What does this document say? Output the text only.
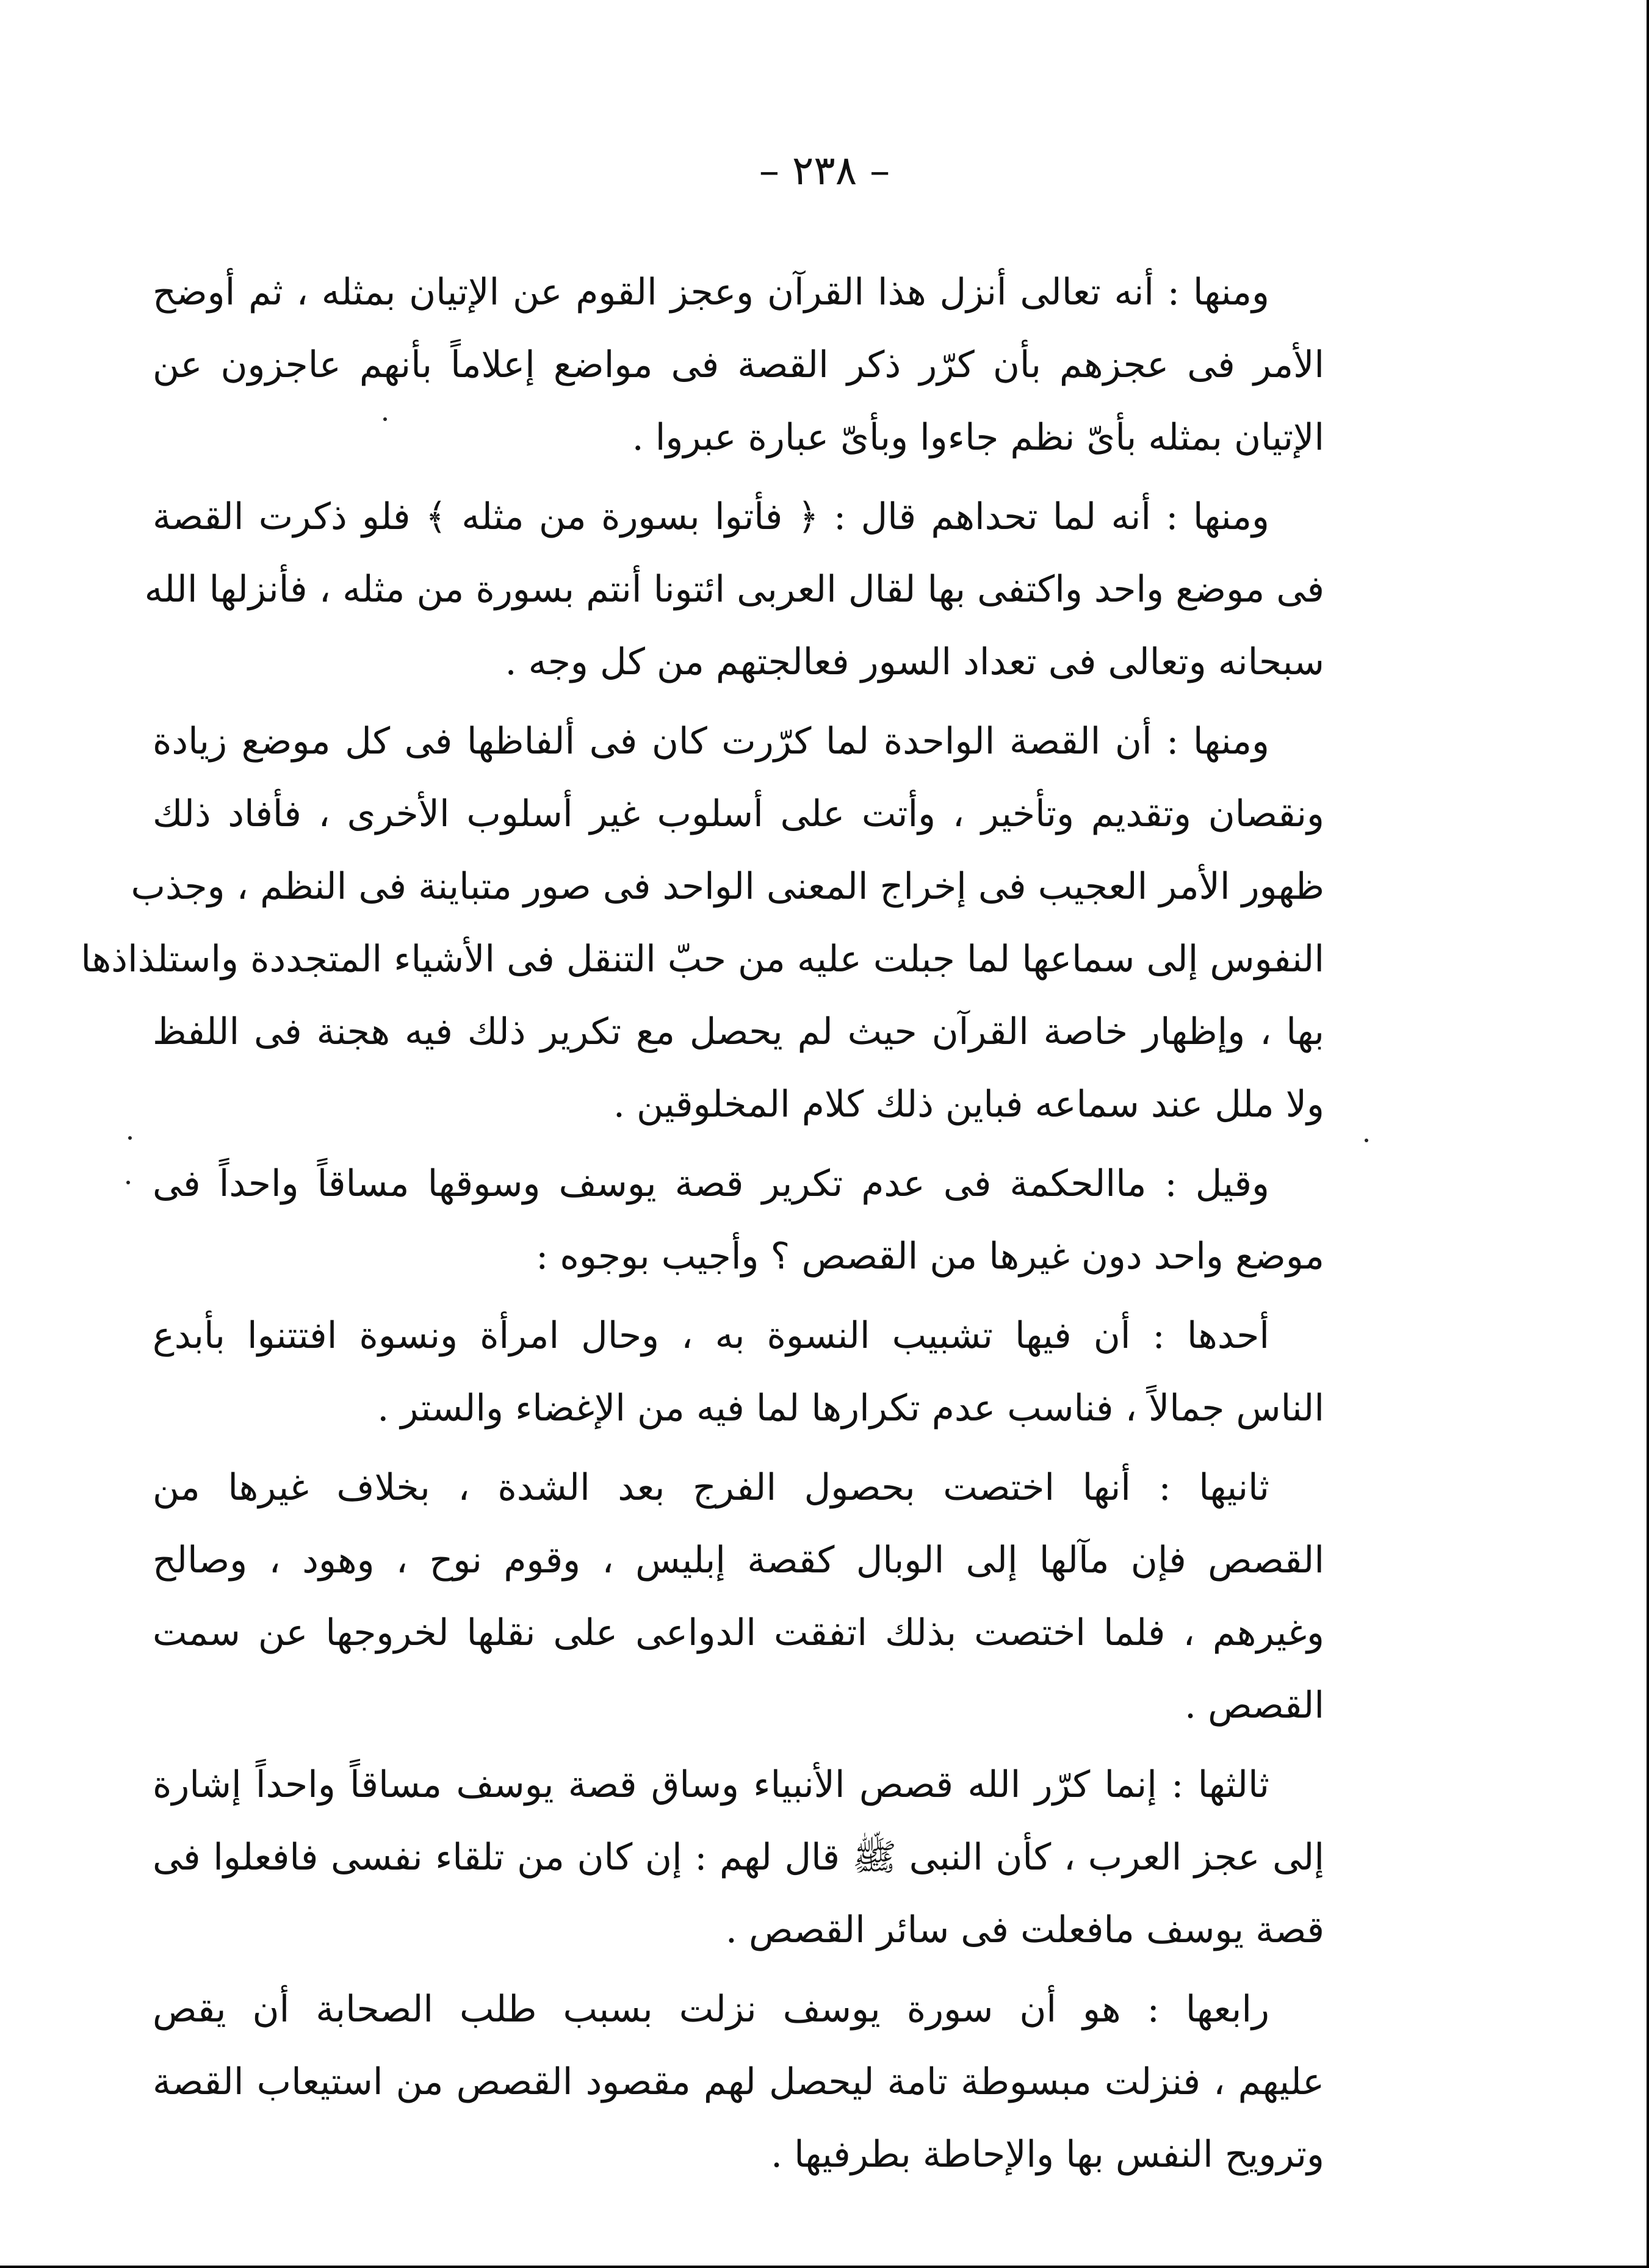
– ٢٣٨ –
ومنها : أنه تعالى أنزل هذا القرآن وعجز القوم عن الإتيان بمثله ، ثم أوضح
الأمر فى عجزهم بأن كرّر ذكر القصة فى مواضع إعلاماً بأنهم عاجزون عن
الإتيان بمثله بأىّ نظم جاءوا وبأىّ عبارة عبروا .
ومنها : أنه لما تحداهم قال : ﴿ فأتوا بسورة من مثله ﴾ فلو ذكرت القصة
فى موضع واحد واكتفى بها لقال العربى ائتونا أنتم بسورة من مثله ، فأنزلها الله
سبحانه وتعالى فى تعداد السور فعالجتهم من كل وجه .
ومنها : أن القصة الواحدة لما كرّرت كان فى ألفاظها فى كل موضع زيادة
ونقصان وتقديم وتأخير ، وأتت على أسلوب غير أسلوب الأخرى ، فأفاد ذلك
ظهور الأمر العجيب فى إخراج المعنى الواحد فى صور متباينة فى النظم ، وجذب
النفوس إلى سماعها لما جبلت عليه من حبّ التنقل فى الأشياء المتجددة واستلذاذها
بها ، وإظهار خاصة القرآن حيث لم يحصل مع تكرير ذلك فيه هجنة فى اللفظ
ولا ملل عند سماعه فباين ذلك كلام المخلوقين .
وقيل : ماالحكمة فى عدم تكرير قصة يوسف وسوقها مساقاً واحداً فى
موضع واحد دون غيرها من القصص ؟ وأجيب بوجوه :
أحدها : أن فيها تشبيب النسوة به ، وحال امرأة ونسوة افتتنوا بأبدع
الناس جمالاً ، فناسب عدم تكرارها لما فيه من الإغضاء والستر .
ثانيها : أنها اختصت بحصول الفرج بعد الشدة ، بخلاف غيرها من
القصص فإن مآلها إلى الوبال كقصة إبليس ، وقوم نوح ، وهود ، وصالح
وغيرهم ، فلما اختصت بذلك اتفقت الدواعى على نقلها لخروجها عن سمت
القصص .
ثالثها : إنما كرّر الله قصص الأنبياء وساق قصة يوسف مساقاً واحداً إشارة
إلى عجز العرب ، كأن النبى ﷺ قال لهم : إن كان من تلقاء نفسى فافعلوا فى
قصة يوسف مافعلت فى سائر القصص .
رابعها : هو أن سورة يوسف نزلت بسبب طلب الصحابة أن يقص
عليهم ، فنزلت مبسوطة تامة ليحصل لهم مقصود القصص من استيعاب القصة
وترويح النفس بها والإحاطة بطرفيها .
